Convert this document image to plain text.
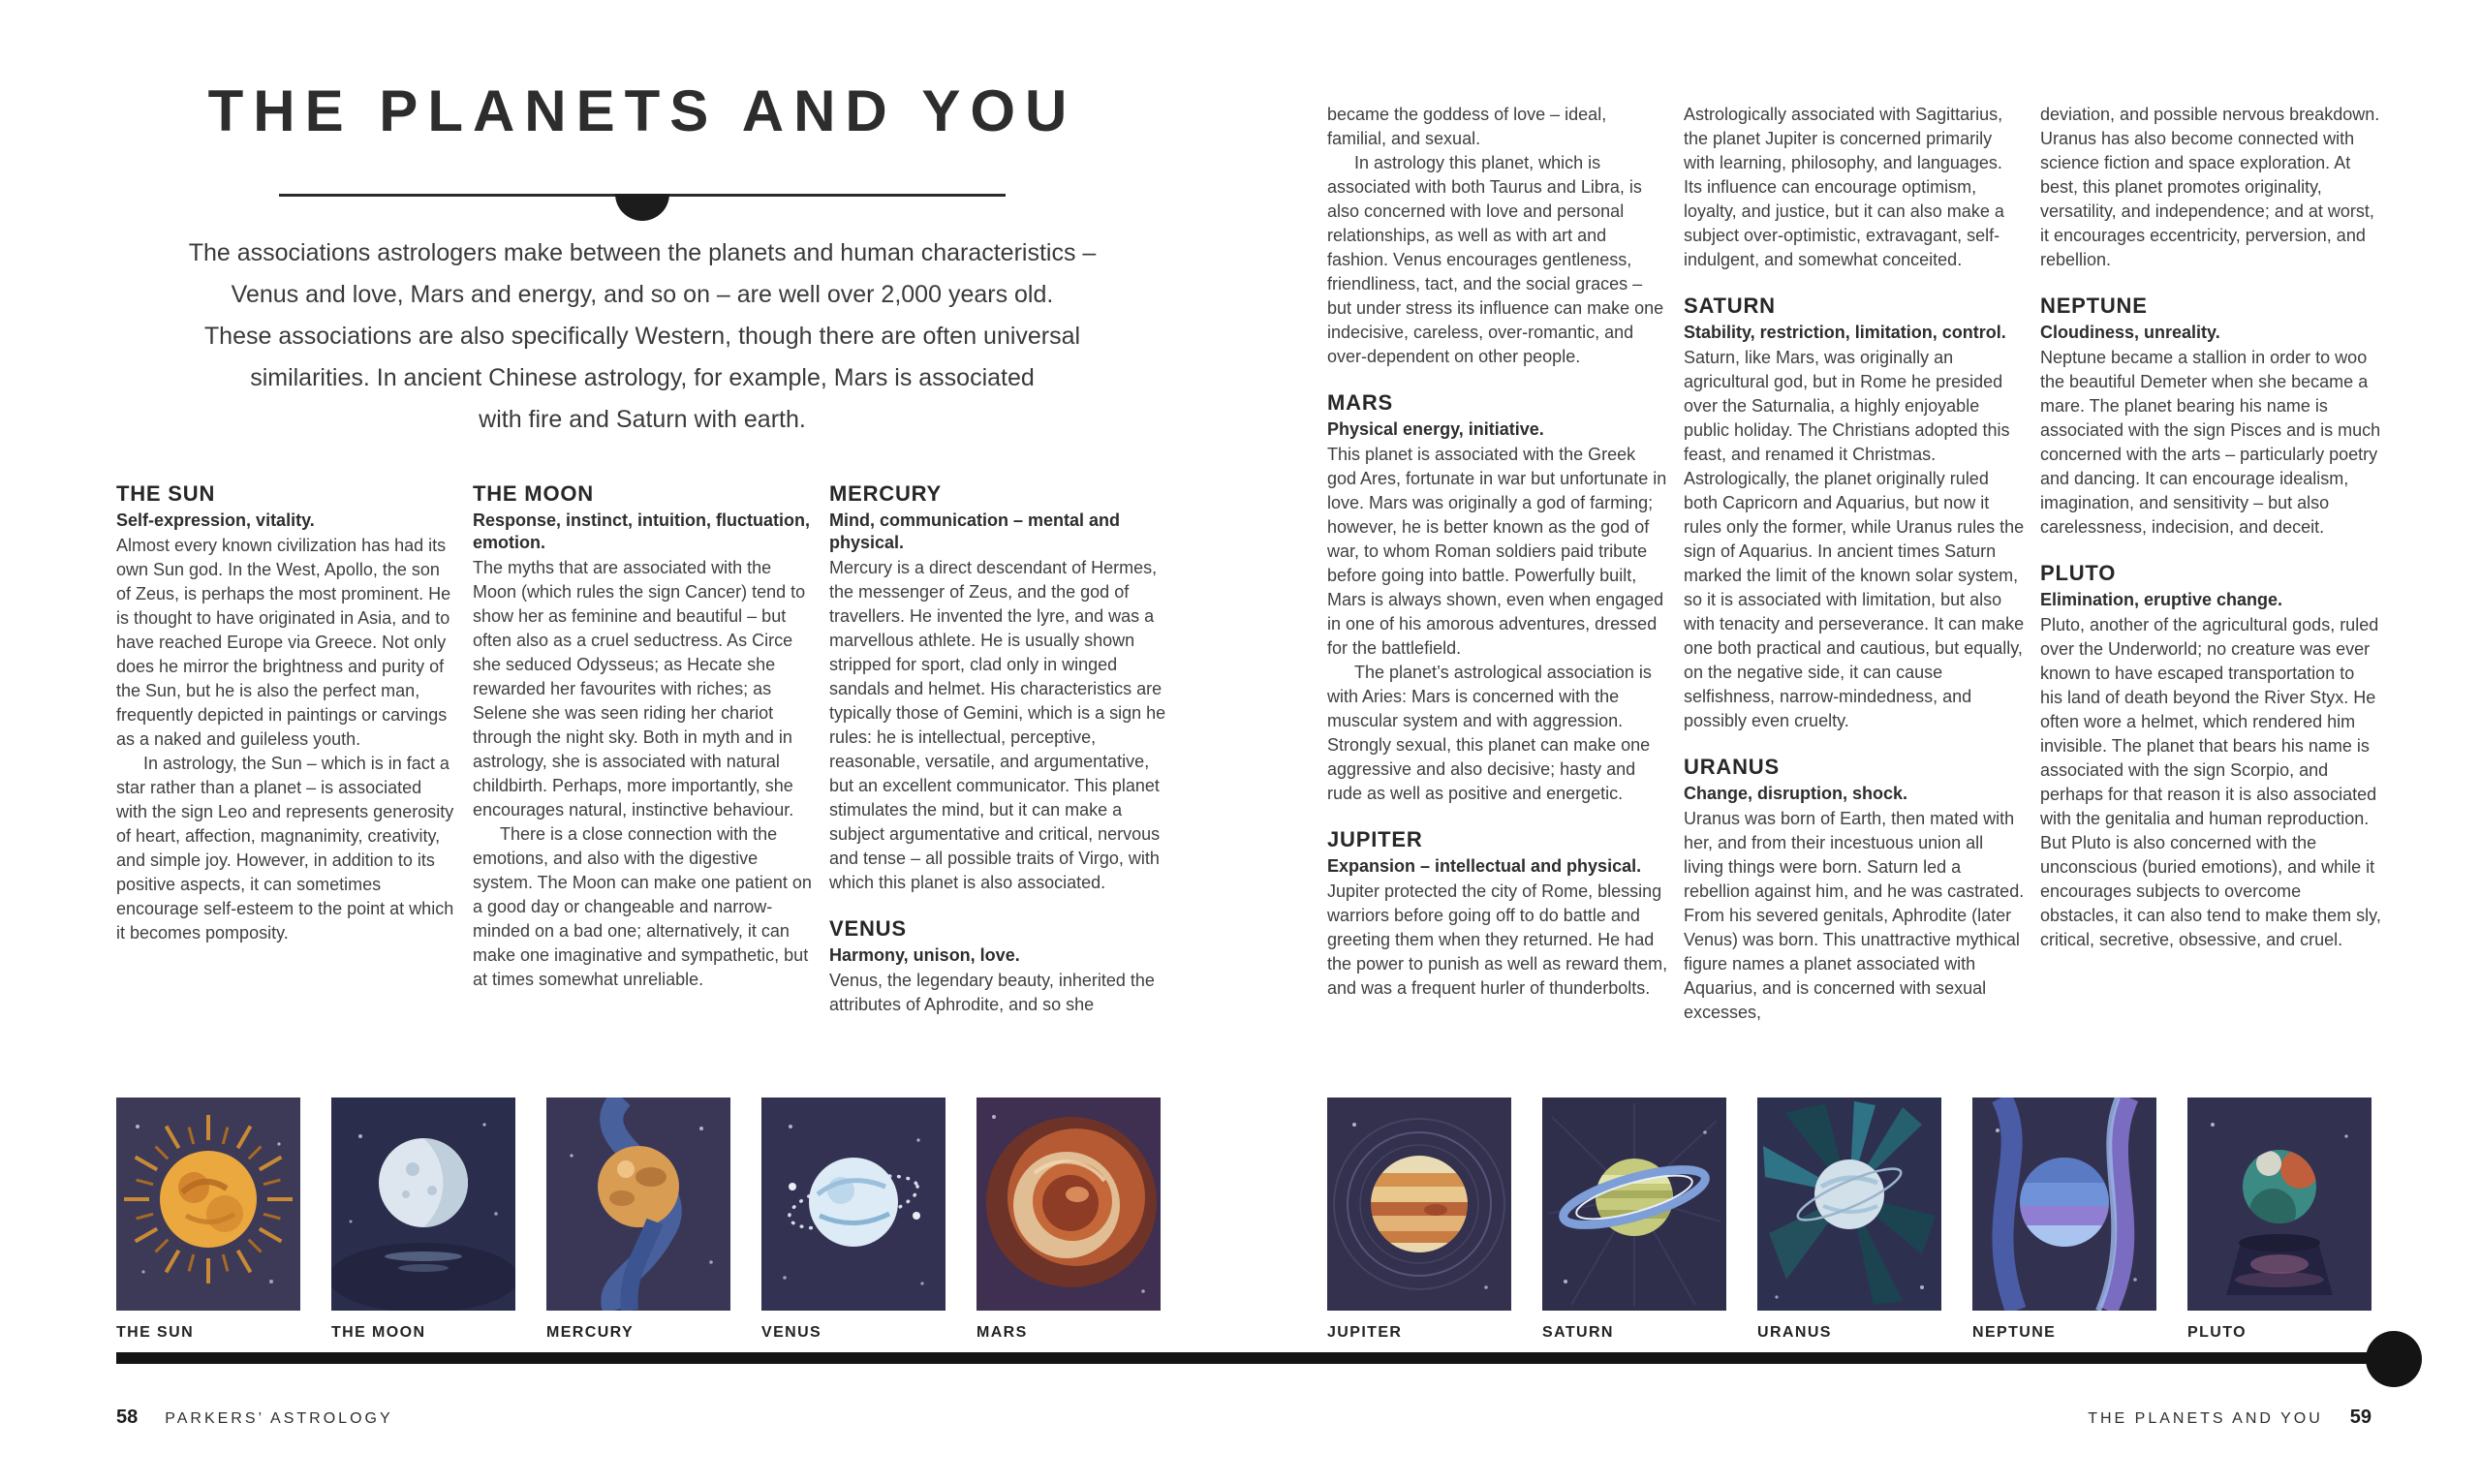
THE PLANETS AND YOU
The associations astrologers make between the planets and human characteristics –
Venus and love, Mars and energy, and so on – are well over 2,000 years old.
These associations are also specifically Western, though there are often universal
similarities. In ancient Chinese astrology, for example, Mars is associated
with fire and Saturn with earth.
THE SUN

Self-expression, vitality.

Almost every known civilization has had its own Sun god. In the West, Apollo, the son of Zeus, is perhaps the most prominent. He is thought to have originated in Asia, and to have reached Europe via Greece. Not only does he mirror the brightness and purity of the Sun, but he is also the perfect man, frequently depicted in paintings or carvings as a naked and guileless youth.

In astrology, the Sun – which is in fact a star rather than a planet – is associated with the sign Leo and represents generosity of heart, affection, magnanimity, creativity, and simple joy. However, in addition to its positive aspects, it can sometimes encourage self-esteem to the point at which it becomes pomposity.

THE MOON

Response, instinct, intuition, fluctuation, emotion.

The myths that are associated with the Moon (which rules the sign Cancer) tend to show her as feminine and beautiful – but often also as a cruel seductress. As Circe she seduced Odysseus; as Hecate she rewarded her favourites with riches; as Selene she was seen riding her chariot through the night sky. Both in myth and in astrology, she is associated with natural childbirth. Perhaps, more importantly, she encourages natural, instinctive behaviour.

There is a close connection with the emotions, and also with the digestive system. The Moon can make one patient on a good day or changeable and narrow-minded on a bad one; alternatively, it can make one imaginative and sympathetic, but at times somewhat unreliable.

MERCURY

Mind, communication – mental and physical.

Mercury is a direct descendant of Hermes, the messenger of Zeus, and the god of travellers. He invented the lyre, and was a marvellous athlete. He is usually shown stripped for sport, clad only in winged sandals and helmet. His characteristics are typically those of Gemini, which is a sign he rules: he is intellectual, perceptive, reasonable, versatile, and argumentative, but an excellent communicator. This planet stimulates the mind, but it can make a subject argumentative and critical, nervous and tense – all possible traits of Virgo, with which this planet is also associated.

VENUS

Harmony, unison, love.

Venus, the legendary beauty, inherited the attributes of Aphrodite, and so she

became the goddess of love – ideal, familial, and sexual.

In astrology this planet, which is associated with both Taurus and Libra, is also concerned with love and personal relationships, as well as with art and fashion. Venus encourages gentleness, friendliness, tact, and the social graces – but under stress its influence can make one indecisive, careless, over-romantic, and over-dependent on other people.

MARS

Physical energy, initiative.

This planet is associated with the Greek god Ares, fortunate in war but unfortunate in love. Mars was originally a god of farming; however, he is better known as the god of war, to whom Roman soldiers paid tribute before going into battle. Powerfully built, Mars is always shown, even when engaged in one of his amorous adventures, dressed for the battlefield.

The planet’s astrological association is with Aries: Mars is concerned with the muscular system and with aggression. Strongly sexual, this planet can make one aggressive and also decisive; hasty and rude as well as positive and energetic.

JUPITER

Expansion – intellectual and physical.

Jupiter protected the city of Rome, blessing warriors before going off to do battle and greeting them when they returned. He had the power to punish as well as reward them, and was a frequent hurler of thunderbolts.

Astrologically associated with Sagittarius, the planet Jupiter is concerned primarily with learning, philosophy, and languages. Its influence can encourage optimism, loyalty, and justice, but it can also make a subject over-optimistic, extravagant, self-indulgent, and somewhat conceited.

SATURN

Stability, restriction, limitation, control.

Saturn, like Mars, was originally an agricultural god, but in Rome he presided over the Saturnalia, a highly enjoyable public holiday. The Christians adopted this feast, and renamed it Christmas. Astrologically, the planet originally ruled both Capricorn and Aquarius, but now it rules only the former, while Uranus rules the sign of Aquarius. In ancient times Saturn marked the limit of the known solar system, so it is associated with limitation, but also with tenacity and perseverance. It can make one both practical and cautious, but equally, on the negative side, it can cause selfishness, narrow-mindedness, and possibly even cruelty.

URANUS

Change, disruption, shock.

Uranus was born of Earth, then mated with her, and from their incestuous union all living things were born. Saturn led a rebellion against him, and he was castrated. From his severed genitals, Aphrodite (later Venus) was born. This unattractive mythical figure names a planet associated with Aquarius, and is concerned with sexual excesses,

deviation, and possible nervous breakdown. Uranus has also become connected with science fiction and space exploration. At best, this planet promotes originality, versatility, and independence; and at worst, it encourages eccentricity, perversion, and rebellion.

NEPTUNE

Cloudiness, unreality.

Neptune became a stallion in order to woo the beautiful Demeter when she became a mare. The planet bearing his name is associated with the sign Pisces and is much concerned with the arts – particularly poetry and dancing. It can encourage idealism, imagination, and sensitivity – but also carelessness, indecision, and deceit.

PLUTO

Elimination, eruptive change.

Pluto, another of the agricultural gods, ruled over the Underworld; no creature was ever known to have escaped transportation to his land of death beyond the River Styx. He often wore a helmet, which rendered him invisible. The planet that bears his name is associated with the sign Scorpio, and perhaps for that reason it is also associated with the genitalia and human reproduction. But Pluto is also concerned with the unconscious (buried emotions), and while it encourages subjects to overcome obstacles, it can also tend to make them sly, critical, secretive, obsessive, and cruel.

THE SUN	THE MOON	MERCURY	VENUS	MARS	JUPITER	SATURN	URANUS	NEPTUNE	PLUTO
58 PARKERS’ ASTROLOGY	THE PLANETS AND YOU 59
